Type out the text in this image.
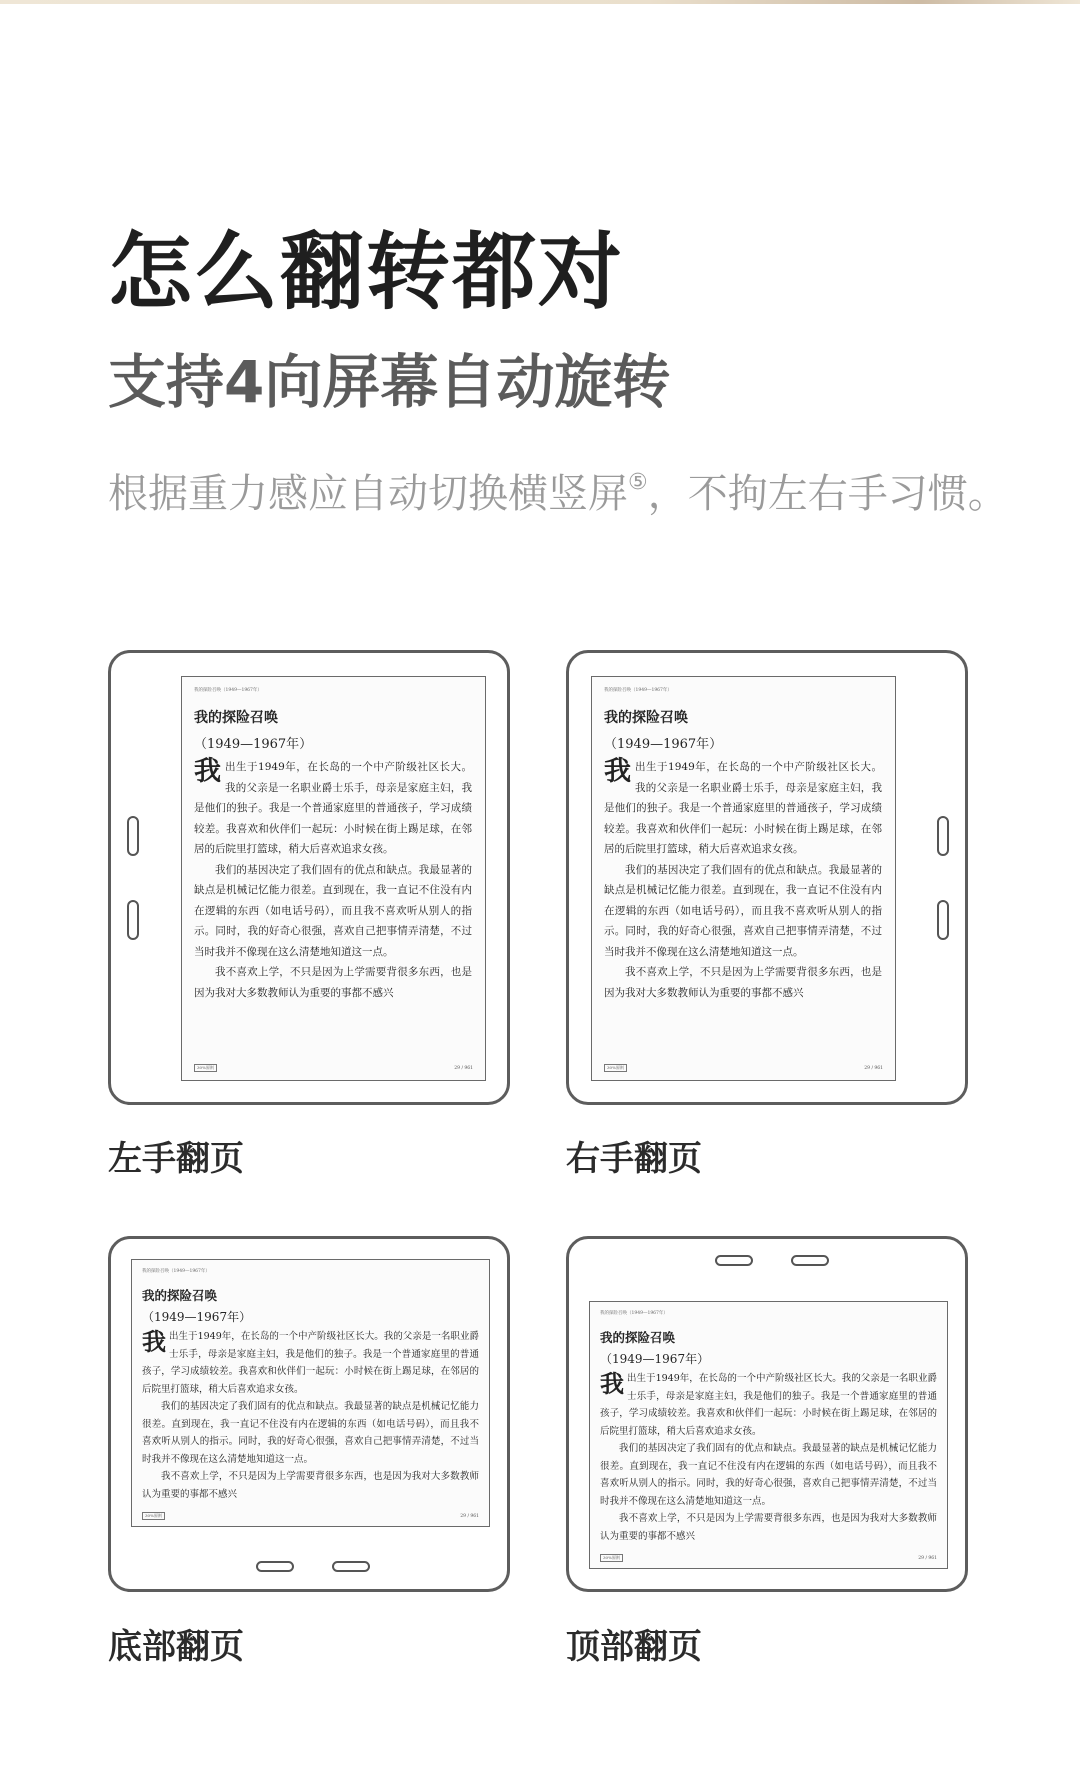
怎么翻转都对
支持4向屏幕自动旋转
根据重力感应自动切换横竖屏⑤，不拘左右手习惯。
我的探险召唤（1949—1967年）
我的探险召唤
（1949—1967年）
我出生于1949年，在长岛的一个中产阶级社区长大。我的父亲是一名职业爵士乐手，母亲是家庭主妇，我是他们的独子。我是一个普通家庭里的普通孩子，学习成绩较差。我喜欢和伙伴们一起玩：小时候在街上踢足球，在邻居的后院里打篮球，稍大后喜欢追求女孩。
我们的基因决定了我们固有的优点和缺点。我最显著的缺点是机械记忆能力很差。直到现在，我一直记不住没有内在逻辑的东西（如电话号码），而且我不喜欢听从别人的指示。同时，我的好奇心很强，喜欢自己把事情弄清楚，不过当时我并不像现在这么清楚地知道这一点。
我不喜欢上学，不只是因为上学需要背很多东西，也是因为我对大多数教师认为重要的事都不感兴
30%原则	29 / 961
左手翻页
我的探险召唤（1949—1967年）
我的探险召唤
（1949—1967年）
我出生于1949年，在长岛的一个中产阶级社区长大。我的父亲是一名职业爵士乐手，母亲是家庭主妇，我是他们的独子。我是一个普通家庭里的普通孩子，学习成绩较差。我喜欢和伙伴们一起玩：小时候在街上踢足球，在邻居的后院里打篮球，稍大后喜欢追求女孩。
我们的基因决定了我们固有的优点和缺点。我最显著的缺点是机械记忆能力很差。直到现在，我一直记不住没有内在逻辑的东西（如电话号码），而且我不喜欢听从别人的指示。同时，我的好奇心很强，喜欢自己把事情弄清楚，不过当时我并不像现在这么清楚地知道这一点。
我不喜欢上学，不只是因为上学需要背很多东西，也是因为我对大多数教师认为重要的事都不感兴
30%原则	29 / 961
右手翻页
我的探险召唤（1949—1967年）
我的探险召唤
（1949—1967年）
我出生于1949年，在长岛的一个中产阶级社区长大。我的父亲是一名职业爵士乐手，母亲是家庭主妇，我是他们的独子。我是一个普通家庭里的普通孩子，学习成绩较差。我喜欢和伙伴们一起玩：小时候在街上踢足球，在邻居的后院里打篮球，稍大后喜欢追求女孩。
我们的基因决定了我们固有的优点和缺点。我最显著的缺点是机械记忆能力很差。直到现在，我一直记不住没有内在逻辑的东西（如电话号码），而且我不喜欢听从别人的指示。同时，我的好奇心很强，喜欢自己把事情弄清楚，不过当时我并不像现在这么清楚地知道这一点。
我不喜欢上学，不只是因为上学需要背很多东西，也是因为我对大多数教师认为重要的事都不感兴
30%原则	29 / 961
底部翻页
我的探险召唤（1949—1967年）
我的探险召唤
（1949—1967年）
我出生于1949年，在长岛的一个中产阶级社区长大。我的父亲是一名职业爵士乐手，母亲是家庭主妇，我是他们的独子。我是一个普通家庭里的普通孩子，学习成绩较差。我喜欢和伙伴们一起玩：小时候在街上踢足球，在邻居的后院里打篮球，稍大后喜欢追求女孩。
我们的基因决定了我们固有的优点和缺点。我最显著的缺点是机械记忆能力很差。直到现在，我一直记不住没有内在逻辑的东西（如电话号码），而且我不喜欢听从别人的指示。同时，我的好奇心很强，喜欢自己把事情弄清楚，不过当时我并不像现在这么清楚地知道这一点。
我不喜欢上学，不只是因为上学需要背很多东西，也是因为我对大多数教师认为重要的事都不感兴
30%原则	29 / 961
顶部翻页
